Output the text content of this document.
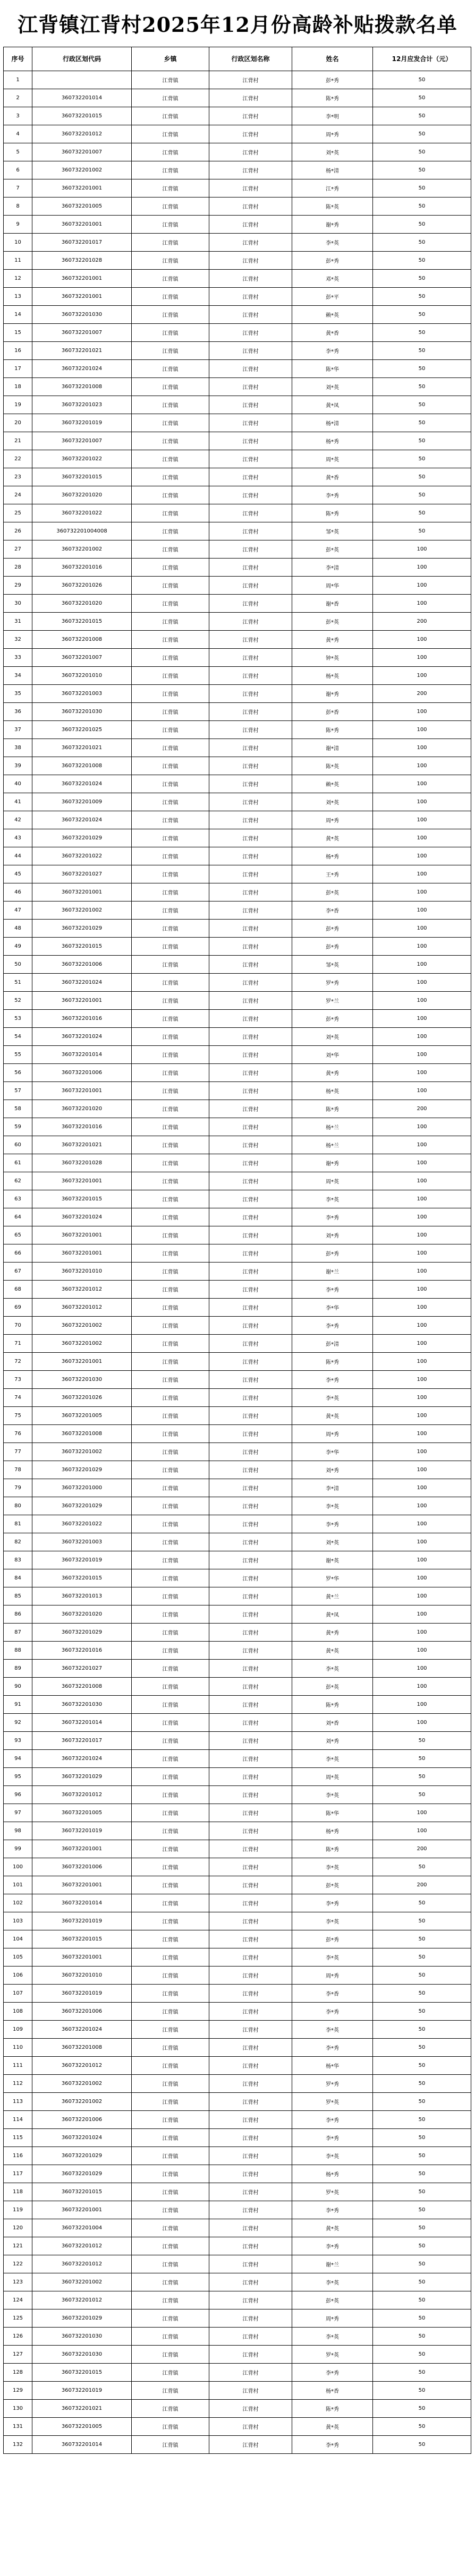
江背镇江背村2025年12月份高龄补贴拨款名单
序号	行政区划代码	乡镇	行政区划名称	姓名	12月应发合计（元）
1		江背镇	江背村	彭*秀	50
2	360732201014	江背镇	江背村	陈*秀	50
3	360732201015	江背镇	江背村	李*明	50
4	360732201012	江背镇	江背村	周*秀	50
5	360732201007	江背镇	江背村	刘*英	50
6	360732201002	江背镇	江背村	杨*清	50
7	360732201001	江背镇	江背村	江*秀	50
8	360732201005	江背镇	江背村	陈*英	50
9	360732201001	江背镇	江背村	谢*秀	50
10	360732201017	江背镇	江背村	李*英	50
11	360732201028	江背镇	江背村	彭*秀	50
12	360732201001	江背镇	江背村	邓*英	50
13	360732201001	江背镇	江背村	彭*平	50
14	360732201030	江背镇	江背村	赖*英	50
15	360732201007	江背镇	江背村	黄*香	50
16	360732201021	江背镇	江背村	李*秀	50
17	360732201024	江背镇	江背村	陈*华	50
18	360732201008	江背镇	江背村	刘*英	50
19	360732201023	江背镇	江背村	黄*凤	50
20	360732201019	江背镇	江背村	杨*清	50
21	360732201007	江背镇	江背村	杨*秀	50
22	360732201022	江背镇	江背村	周*英	50
23	360732201015	江背镇	江背村	黄*香	50
24	360732201020	江背镇	江背村	李*秀	50
25	360732201022	江背镇	江背村	陈*秀	50
26	360732201004008	江背镇	江背村	邹*英	50
27	360732201002	江背镇	江背村	彭*英	100
28	360732201016	江背镇	江背村	李*清	100
29	360732201026	江背镇	江背村	周*华	100
30	360732201020	江背镇	江背村	谢*香	100
31	360732201015	江背镇	江背村	彭*英	200
32	360732201008	江背镇	江背村	黄*秀	100
33	360732201007	江背镇	江背村	钟*英	100
34	360732201010	江背镇	江背村	杨*英	100
35	360732201003	江背镇	江背村	谢*秀	200
36	360732201030	江背镇	江背村	彭*香	100
37	360732201025	江背镇	江背村	陈*秀	100
38	360732201021	江背镇	江背村	谢*清	100
39	360732201008	江背镇	江背村	陈*英	100
40	360732201024	江背镇	江背村	赖*英	100
41	360732201009	江背镇	江背村	刘*英	100
42	360732201024	江背镇	江背村	周*秀	100
43	360732201029	江背镇	江背村	黄*英	100
44	360732201022	江背镇	江背村	杨*秀	100
45	360732201027	江背镇	江背村	王*秀	100
46	360732201001	江背镇	江背村	彭*英	100
47	360732201002	江背镇	江背村	李*香	100
48	360732201029	江背镇	江背村	彭*秀	100
49	360732201015	江背镇	江背村	彭*秀	100
50	360732201006	江背镇	江背村	邹*英	100
51	360732201024	江背镇	江背村	罗*秀	100
52	360732201001	江背镇	江背村	罗*兰	100
53	360732201016	江背镇	江背村	彭*秀	100
54	360732201024	江背镇	江背村	刘*英	100
55	360732201014	江背镇	江背村	刘*华	100
56	360732201006	江背镇	江背村	黄*秀	100
57	360732201001	江背镇	江背村	杨*英	100
58	360732201020	江背镇	江背村	陈*秀	200
59	360732201016	江背镇	江背村	杨*兰	100
60	360732201021	江背镇	江背村	杨*兰	100
61	360732201028	江背镇	江背村	谢*秀	100
62	360732201001	江背镇	江背村	周*英	100
63	360732201015	江背镇	江背村	李*英	100
64	360732201024	江背镇	江背村	李*秀	100
65	360732201001	江背镇	江背村	刘*秀	100
66	360732201001	江背镇	江背村	彭*秀	100
67	360732201010	江背镇	江背村	谢*兰	100
68	360732201012	江背镇	江背村	李*秀	100
69	360732201012	江背镇	江背村	李*华	100
70	360732201002	江背镇	江背村	李*秀	100
71	360732201002	江背镇	江背村	彭*清	100
72	360732201001	江背镇	江背村	陈*秀	100
73	360732201030	江背镇	江背村	李*秀	100
74	360732201026	江背镇	江背村	李*英	100
75	360732201005	江背镇	江背村	黄*英	100
76	360732201008	江背镇	江背村	周*秀	100
77	360732201002	江背镇	江背村	李*华	100
78	360732201029	江背镇	江背村	刘*秀	100
79	360732201000	江背镇	江背村	李*清	100
80	360732201029	江背镇	江背村	李*英	100
81	360732201022	江背镇	江背村	李*秀	100
82	360732201003	江背镇	江背村	刘*英	100
83	360732201019	江背镇	江背村	谢*英	100
84	360732201015	江背镇	江背村	罗*华	100
85	360732201013	江背镇	江背村	黄*兰	100
86	360732201020	江背镇	江背村	黄*凤	100
87	360732201029	江背镇	江背村	黄*秀	100
88	360732201016	江背镇	江背村	黄*英	100
89	360732201027	江背镇	江背村	李*英	100
90	360732201008	江背镇	江背村	彭*英	100
91	360732201030	江背镇	江背村	陈*秀	100
92	360732201014	江背镇	江背村	刘*香	100
93	360732201017	江背镇	江背村	刘*秀	50
94	360732201024	江背镇	江背村	李*英	50
95	360732201029	江背镇	江背村	周*英	50
96	360732201012	江背镇	江背村	李*英	50
97	360732201005	江背镇	江背村	陈*华	100
98	360732201019	江背镇	江背村	杨*秀	100
99	360732201001	江背镇	江背村	陈*秀	200
100	360732201006	江背镇	江背村	李*英	50
101	360732201001	江背镇	江背村	彭*英	200
102	360732201014	江背镇	江背村	李*秀	50
103	360732201019	江背镇	江背村	李*英	50
104	360732201015	江背镇	江背村	彭*秀	50
105	360732201001	江背镇	江背村	李*英	50
106	360732201010	江背镇	江背村	周*秀	50
107	360732201019	江背镇	江背村	李*香	50
108	360732201006	江背镇	江背村	李*秀	50
109	360732201024	江背镇	江背村	李*英	50
110	360732201008	江背镇	江背村	李*秀	50
111	360732201012	江背镇	江背村	杨*华	50
112	360732201002	江背镇	江背村	罗*秀	50
113	360732201002	江背镇	江背村	罗*英	50
114	360732201006	江背镇	江背村	李*秀	50
115	360732201024	江背镇	江背村	李*秀	50
116	360732201029	江背镇	江背村	李*英	50
117	360732201029	江背镇	江背村	杨*秀	50
118	360732201015	江背镇	江背村	罗*英	50
119	360732201001	江背镇	江背村	李*秀	50
120	360732201004	江背镇	江背村	黄*英	50
121	360732201012	江背镇	江背村	李*秀	50
122	360732201012	江背镇	江背村	谢*兰	50
123	360732201002	江背镇	江背村	李*英	50
124	360732201012	江背镇	江背村	彭*英	50
125	360732201029	江背镇	江背村	周*秀	50
126	360732201030	江背镇	江背村	李*英	50
127	360732201030	江背镇	江背村	罗*英	50
128	360732201015	江背镇	江背村	李*秀	50
129	360732201019	江背镇	江背村	杨*香	50
130	360732201021	江背镇	江背村	陈*秀	50
131	360732201005	江背镇	江背村	黄*英	50
132	360732201014	江背镇	江背村	李*秀	50
